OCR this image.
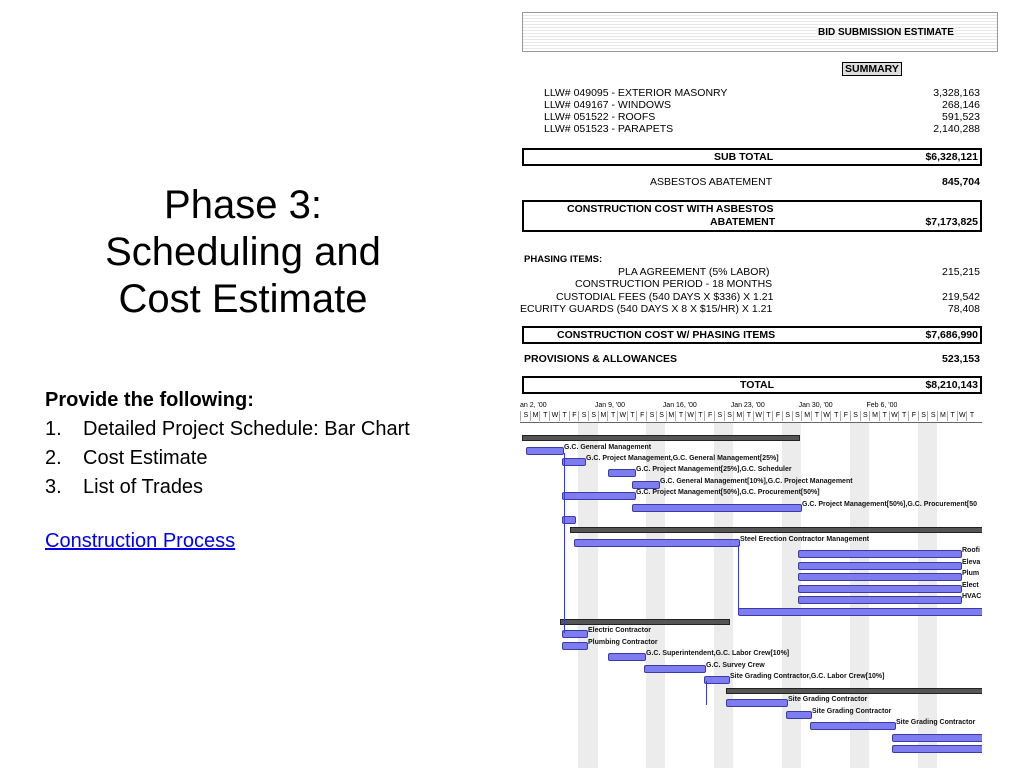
Phase 3:
Scheduling and
Cost Estimate
Provide the following:
1.	Detailed Project Schedule: Bar Chart
2.	Cost Estimate
3.	List of Trades
Construction Process
BID SUBMISSION ESTIMATE
SUMMARY
LLW# 049095 - EXTERIOR MASONRY	3,328,163
LLW# 049167 - WINDOWS	268,146
LLW# 051522 - ROOFS	591,523
LLW# 051523 - PARAPETS	2,140,288
SUB TOTAL	$6,328,121
ASBESTOS ABATEMENT	845,704
CONSTRUCTION COST WITH ASBESTOS
ABATEMENT	$7,173,825
PHASING ITEMS:
PLA AGREEMENT (5% LABOR)	215,215
CONSTRUCTION PERIOD - 18 MONTHS
CUSTODIAL FEES (540 DAYS X $336) X 1.21	219,542
ECURITY GUARDS (540 DAYS X 8 X $15/HR) X 1.21	78,408
CONSTRUCTION COST W/ PHASING ITEMS	$7,686,990
PROVISIONS & ALLOWANCES	523,153
TOTAL	$8,210,143
an 2, '00	Jan 9, '00	Jan 16, '00	Jan 23, '00	Jan 30, '00	Feb 6, '00
S M T W T F S S M T W T F S S M T W T F S S M T W T F S S M T W T F S S M T W T F S S M T W T
G.C. General Management
G.C. Project Management,G.C. General Management[25%]
G.C. Project Management[25%],G.C. Scheduler
G.C. General Management[10%],G.C. Project Management
G.C. Project Management[50%],G.C. Procurement[50%]
G.C. Project Management[50%],G.C. Procurement[50
Steel Erection Contractor Management
Roofi
Eleva
Plum
Elect
HVAC
Electric Contractor
Plumbing Contractor
G.C. Superintendent,G.C. Labor Crew[10%]
G.C. Survey Crew
Site Grading Contractor,G.C. Labor Crew[10%]
Site Grading Contractor
Site Grading Contractor
Site Grading Contractor
